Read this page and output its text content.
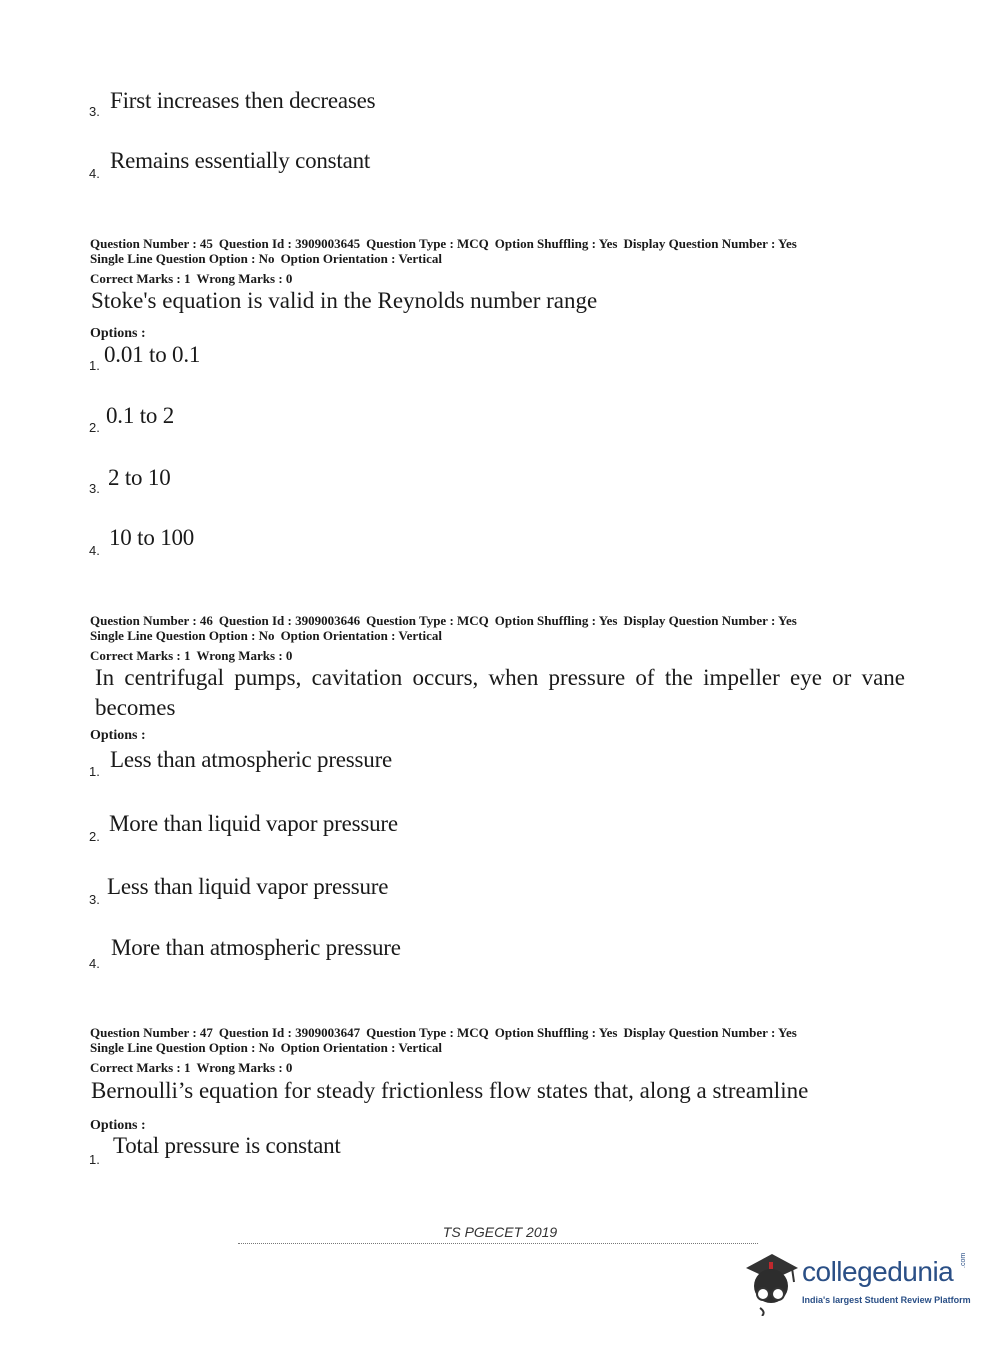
3. First increases then decreases
4.
Remains essentially constant
Question Number : 45 Question Id : 3909003645 Question Type : MCQ Option Shuffling : Yes Display Question Number : Yes
Single Line Question Option : No Option Orientation : Vertical
Correct Marks : 1 Wrong Marks : 0
Stoke's equation is valid in the Reynolds number range
Options :
1. 0.01 to 0.1
2. 0.1 to 2
3. 2 to 10
4.
10 to 100
Question Number : 46 Question Id : 3909003646 Question Type : MCQ Option Shuffling : Yes Display Question Number : Yes
Single Line Question Option : No Option Orientation : Vertical
Correct Marks : 1 Wrong Marks : 0
In centrifugal pumps, cavitation occurs, when pressure of the impeller eye or vane
becomes
Options :
1. Less than atmospheric pressure
2.
More than liquid vapor pressure
3.
Less than liquid vapor pressure
4.
More than atmospheric pressure
Question Number : 47 Question Id : 3909003647 Question Type : MCQ Option Shuffling : Yes Display Question Number : Yes
Single Line Question Option : No Option Orientation : Vertical
Correct Marks : 1 Wrong Marks : 0
Bernoulli’s equation for steady frictionless flow states that, along a streamline
Options :
1.
Total pressure is constant
TS PGECET 2019
collegedunia .com
India's largest Student Review Platform
